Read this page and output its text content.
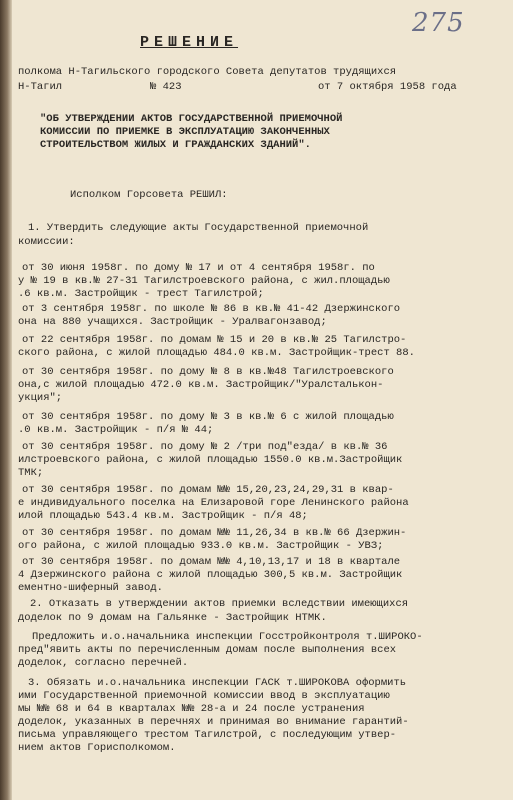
275
РЕШЕНИЕ
полкома Н-Тагильского городского Совета депутатов трудящихся
Н-Тагил	№ 423	от 7 октября 1958 года
"ОБ УТВЕРЖДЕНИИ АКТОВ ГОСУДАРСТВЕННОЙ ПРИЕМОЧНОЙ
КОМИССИИ ПО ПРИЕМКЕ В ЭКСПЛУАТАЦИЮ ЗАКОНЧЕННЫХ
СТРОИТЕЛЬСТВОМ ЖИЛЫХ И ГРАЖДАНСКИХ ЗДАНИЙ".
Исполком Горсовета РЕШИЛ:
1. Утвердить следующие акты Государственной приемочной
комиссии:
от 30 июня 1958г. по дому № 17 и от 4 сентября 1958г. по
у № 19 в кв.№ 27-31 Тагилстроевского района, с жил.площадью
.6 кв.м. Застройщик - трест Тагилстрой;
от 3 сентября 1958г. по школе № 86 в кв.№ 41-42 Дзержинского
она на 880 учащихся. Застройщик - Уралвагонзавод;
от 22 сентября 1958г. по домам № 15 и 20 в кв.№ 25 Тагилстро-
ского района, с жилой площадью 484.0 кв.м. Застройщик-трест 88.
от 30 сентября 1958г. по дому № 8 в кв.№48 Тагилстроевского
она,с жилой площадью 472.0 кв.м. Застройщик/"Уралсталькон-
укция";
от 30 сентября 1958г. по дому № 3 в кв.№ 6 с жилой площадью
.0 кв.м. Застройщик - п/я № 44;
от 30 сентября 1958г. по дому № 2 /три под"езда/ в кв.№ 36
илстроевского района, с жилой площадью 1550.0 кв.м.Застройщик
ТМК;
от 30 сентября 1958г. по домам №№ 15,20,23,24,29,31 в квар-
е индивидуального поселка на Елизаровой горе Ленинского района
илой площадью 543.4 кв.м. Застройщик - п/я 48;
от 30 сентября 1958г. по домам №№ 11,26,34 в кв.№ 66 Дзержин-
ого района, с жилой площадью 933.0 кв.м. Застройщик - УВЗ;
от 30 сентября 1958г. по домам №№ 4,10,13,17 и 18 в квартале
4 Дзержинского района с жилой площадью 300,5 кв.м. Застройщик
ементно-шиферный завод.
2. Отказать в утверждении актов приемки вследствии имеющихся
доделок по 9 домам на Гальянке - Застройщик НТМК.
Предложить и.о.начальника инспекции Госстройконтроля т.ШИРОКО-
пред"явить акты по перечисленным домам после выполнения всех
доделок, согласно перечней.
3. Обязать и.о.начальника инспекции ГАСК т.ШИРОКОВА оформить
ими Государственной приемочной комиссии ввод в эксплуатацию
мы №№ 68 и 64 в кварталах №№ 28-а и 24 после устранения
доделок, указанных в перечнях и принимая во внимание гарантий-
письма управляющего трестом Тагилстрой, с последующим утвер-
нием актов Горисполкомом.
